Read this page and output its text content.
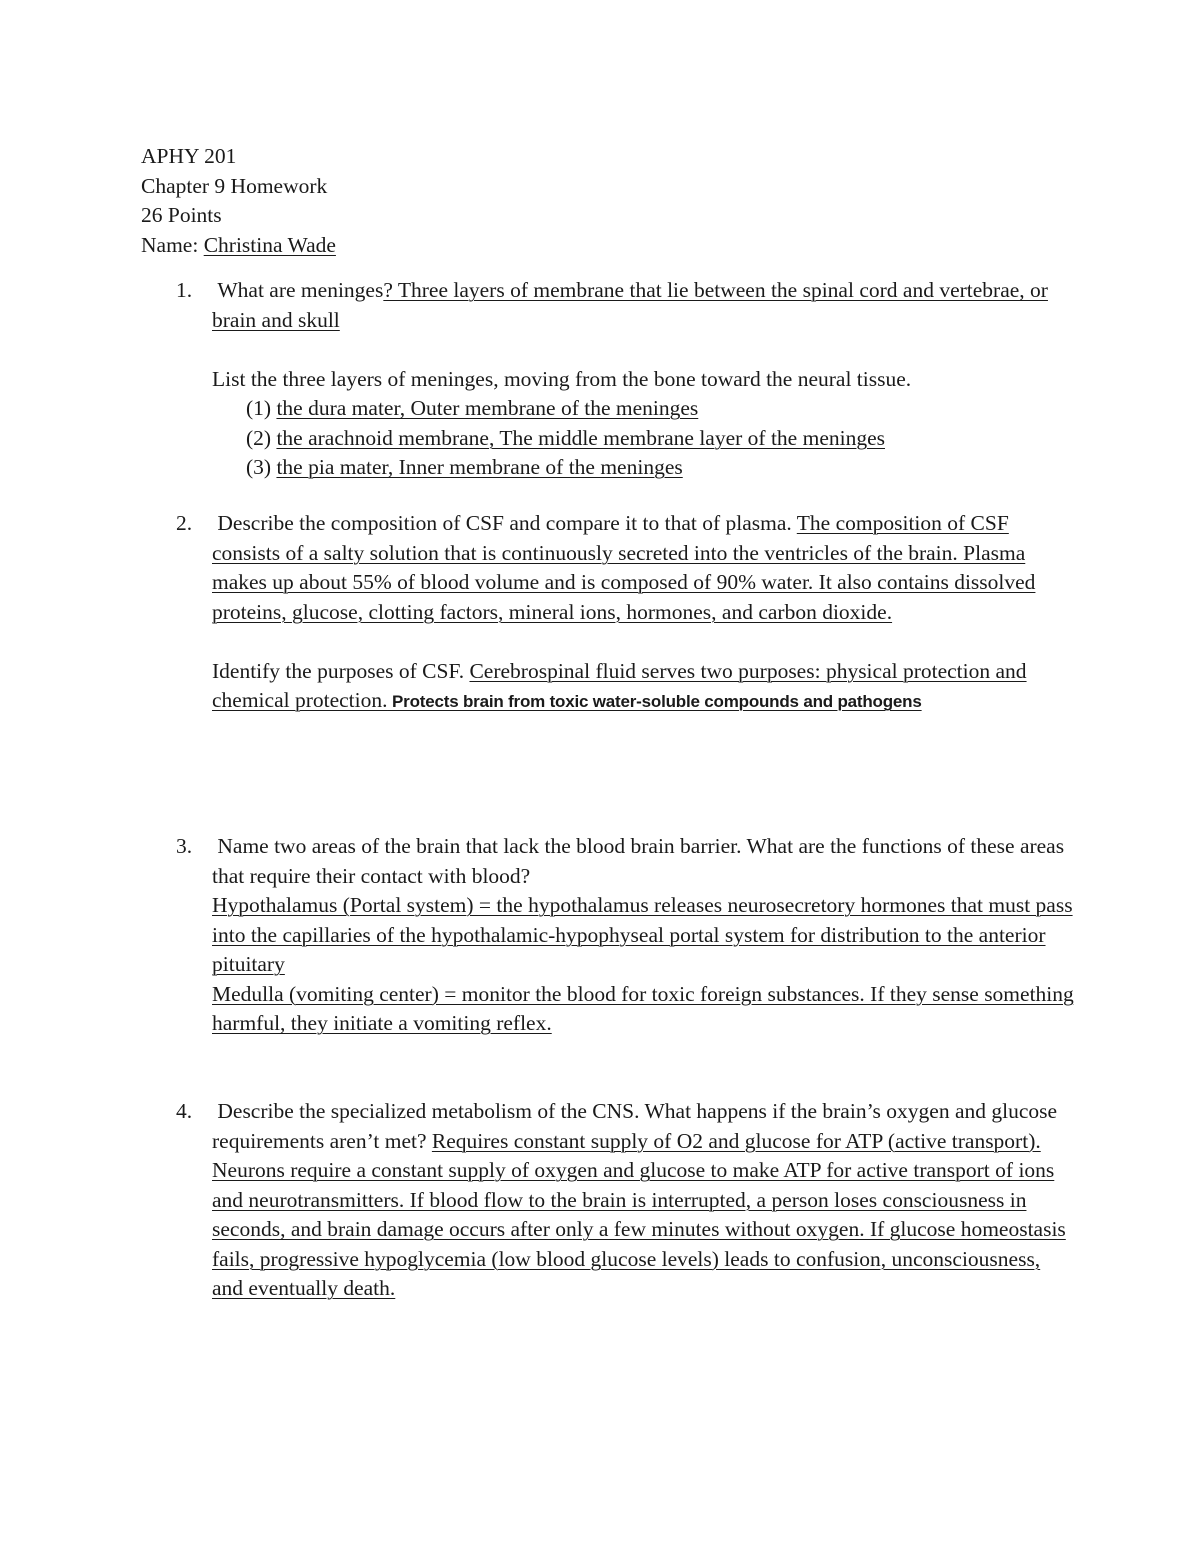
APHY 201
Chapter 9 Homework
26 Points
Name: Christina Wade
1.	What are meninges? Three layers of membrane that lie between the spinal cord and vertebrae, or brain and skull

List the three layers of meninges, moving from the bone toward the neural tissue.

(1) the dura mater, Outer membrane of the meninges
(2) the arachnoid membrane, The middle membrane layer of the meninges
(3) the pia mater, Inner membrane of the meninges
2.	Describe the composition of CSF and compare it to that of plasma. The composition of CSF consists of a salty solution that is continuously secreted into the ventricles of the brain. Plasma makes up about 55% of blood volume and is composed of 90% water. It also contains dissolved proteins, glucose, clotting factors, mineral ions, hormones, and carbon dioxide.

Identify the purposes of CSF. Cerebrospinal fluid serves two purposes: physical protection and chemical protection. Protects brain from toxic water-soluble compounds and pathogens

3.	Name two areas of the brain that lack the blood brain barrier. What are the functions of these areas that require their contact with blood?

Hypothalamus (Portal system) = the hypothalamus releases neurosecretory hormones that must pass into the capillaries of the hypothalamic-hypophyseal portal system for distribution to the anterior pituitary

Medulla (vomiting center) = monitor the blood for toxic foreign substances. If they sense something harmful, they initiate a vomiting reflex.

4.	Describe the specialized metabolism of the CNS. What happens if the brain’s oxygen and glucose requirements aren’t met? Requires constant supply of O2 and glucose for ATP (active transport). Neurons require a constant supply of oxygen and glucose to make ATP for active transport of ions and neurotransmitters. If blood flow to the brain is interrupted, a person loses consciousness in seconds, and brain damage occurs after only a few minutes without oxygen. If glucose homeostasis fails, progressive hypoglycemia (low blood glucose levels) leads to confusion, unconsciousness, and eventually death.
